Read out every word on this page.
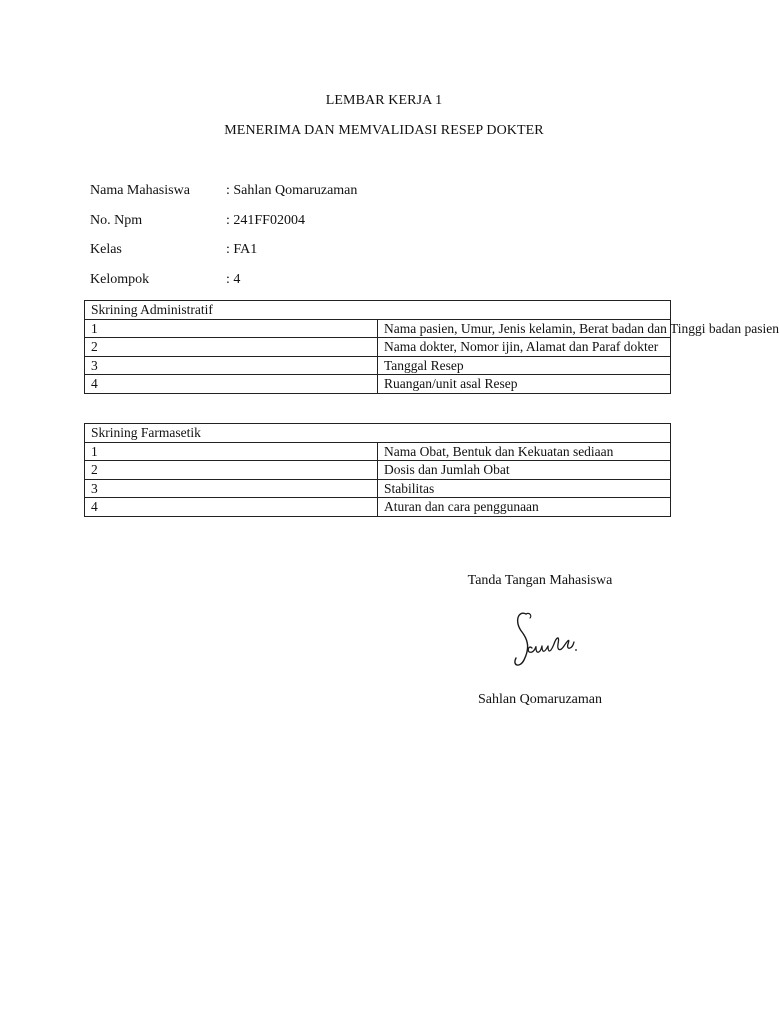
LEMBAR KERJA 1
MENERIMA DAN MEMVALIDASI RESEP DOKTER
Nama Mahasiswa	: Sahlan Qomaruzaman
No. Npm	: 241FF02004
Kelas	: FA1
Kelompok	: 4
Skrining Administratif	
1	Nama pasien, Umur, Jenis kelamin, Berat badan dan Tinggi badan pasien
2	Nama dokter, Nomor ijin, Alamat dan Paraf dokter
3	Tanggal Resep
4	Ruangan/unit asal Resep
Skrining Farmasetik	
1	Nama Obat, Bentuk dan Kekuatan sediaan
2	Dosis dan Jumlah Obat
3	Stabilitas
4	Aturan dan cara penggunaan
Tanda Tangan Mahasiswa
Sahlan Qomaruzaman
